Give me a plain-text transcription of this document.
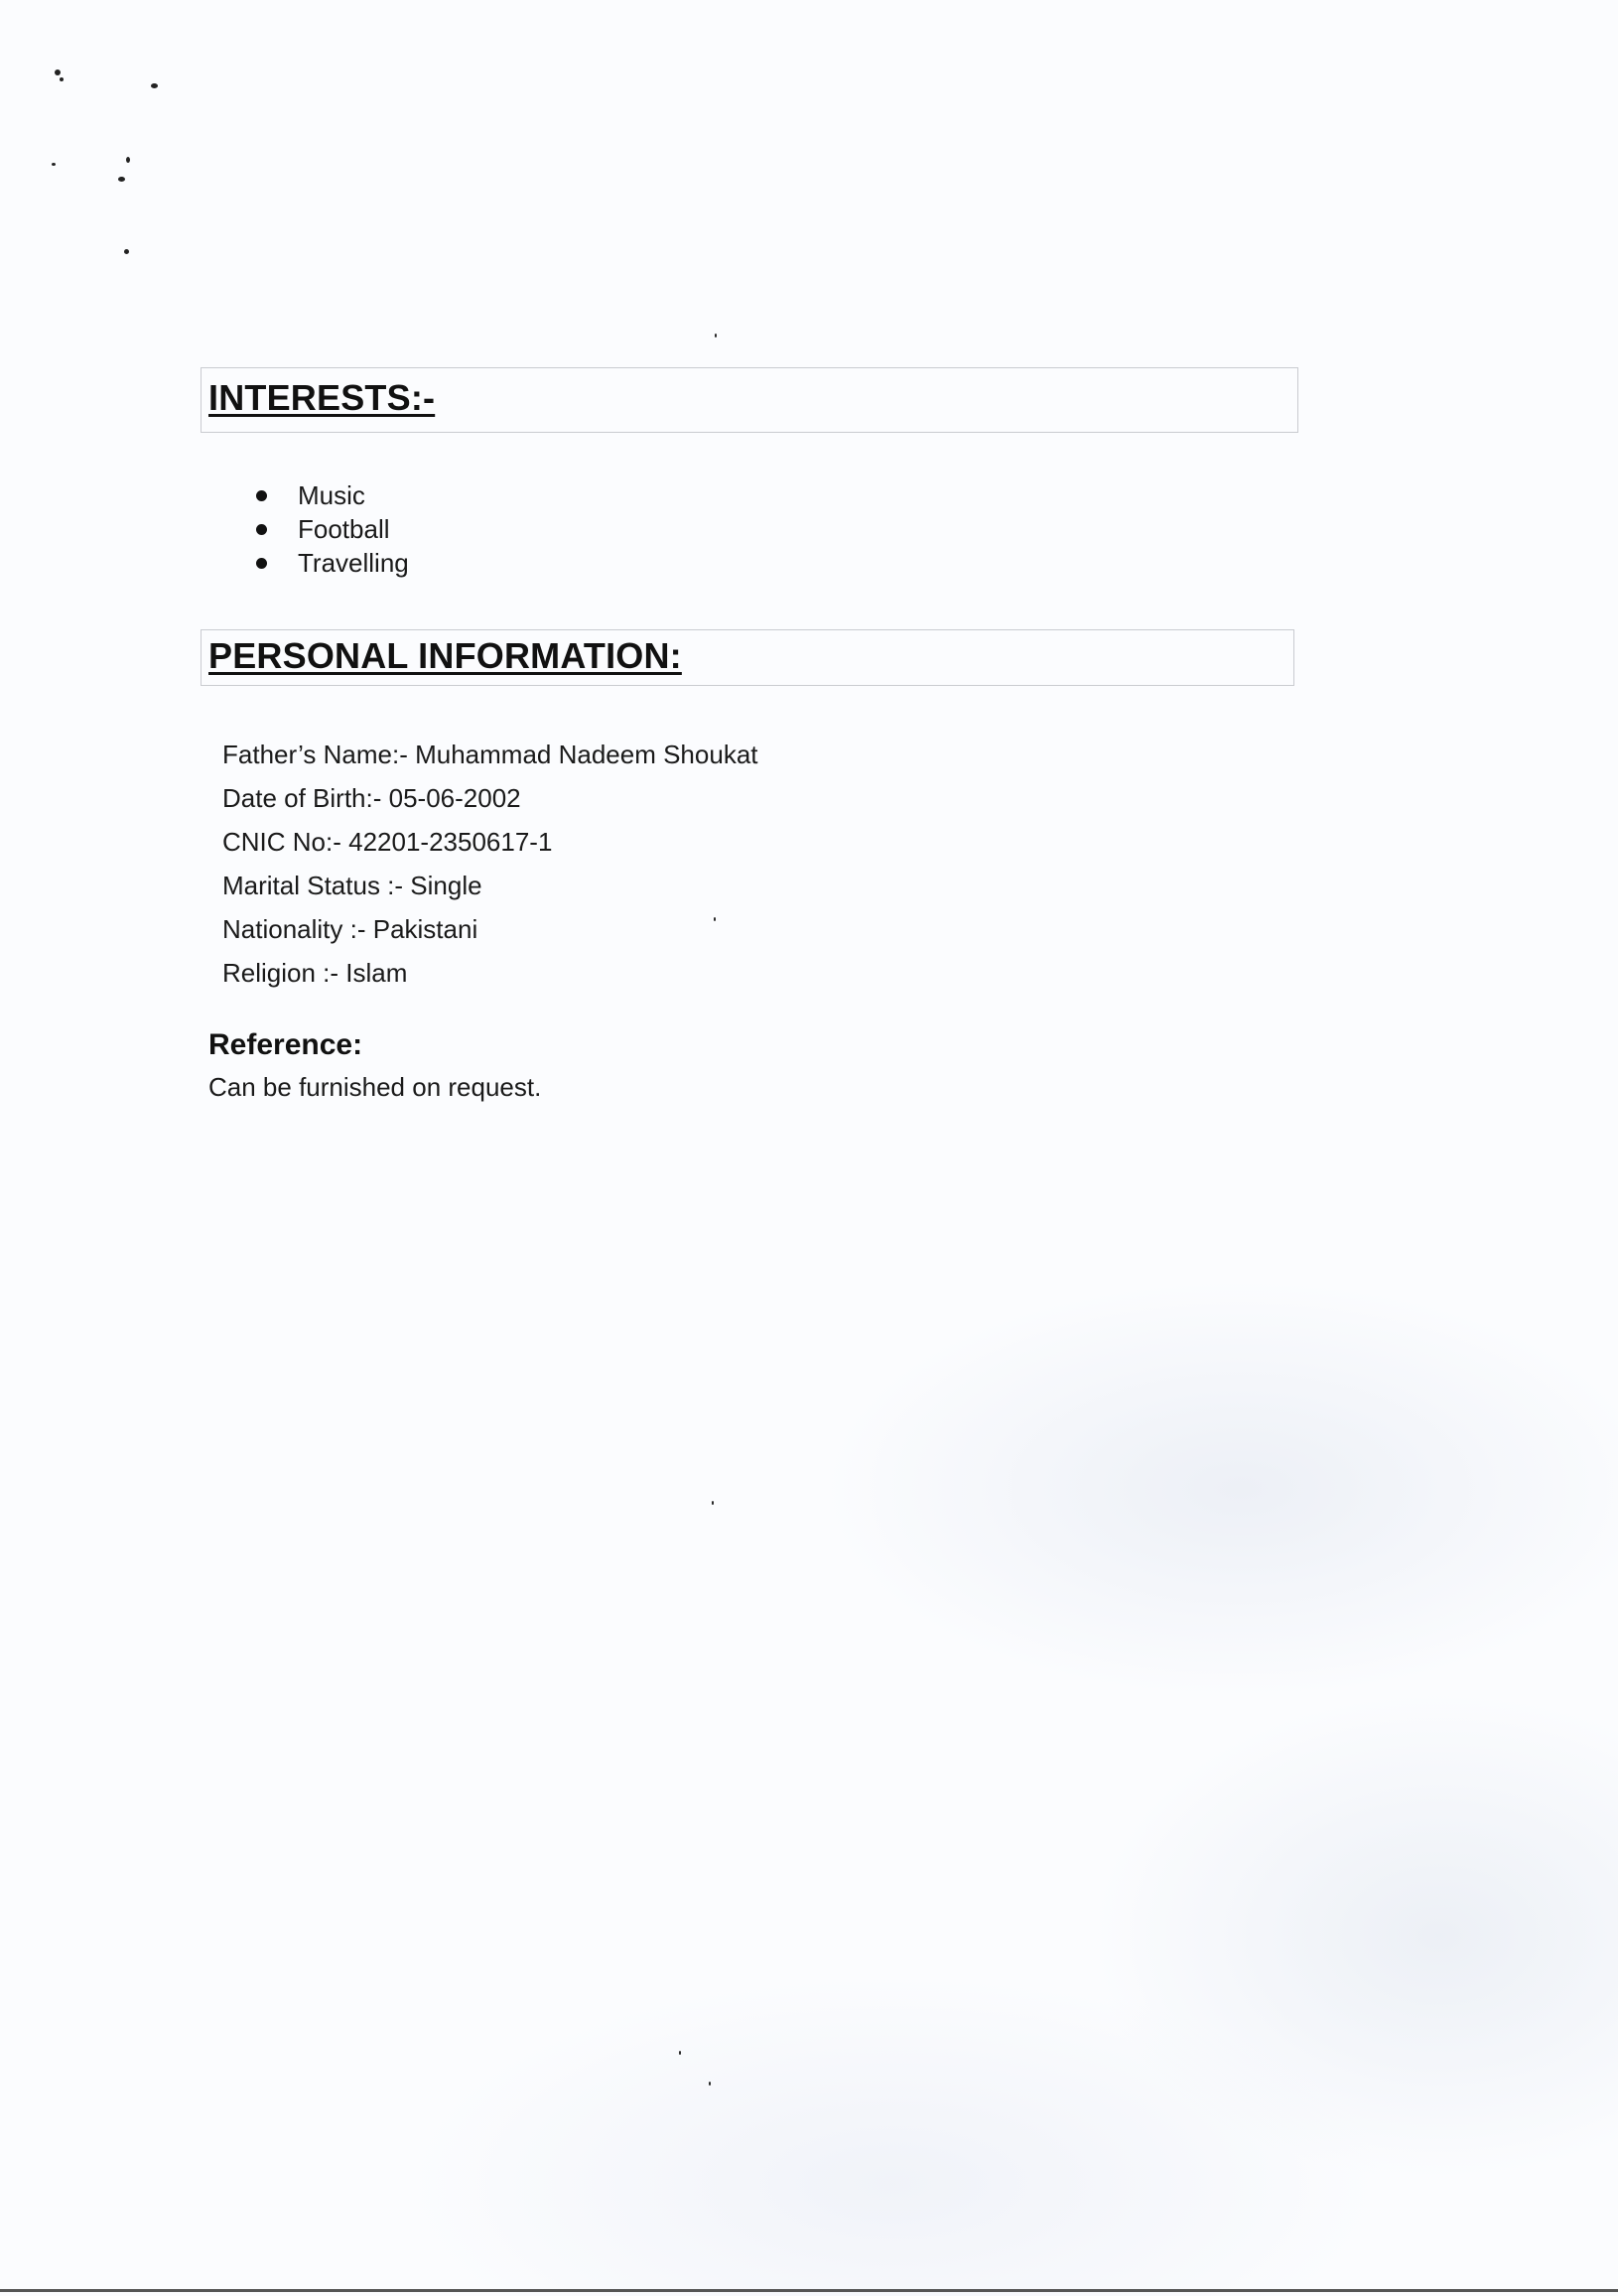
INTERESTS:-
Music
Football
Travelling
PERSONAL INFORMATION:
Father’s Name:- Muhammad Nadeem Shoukat
Date of Birth:- 05-06-2002
CNIC No:- 42201-2350617-1
Marital Status :- Single
Nationality :- Pakistani
Religion :- Islam
Reference:
Can be furnished on request.
